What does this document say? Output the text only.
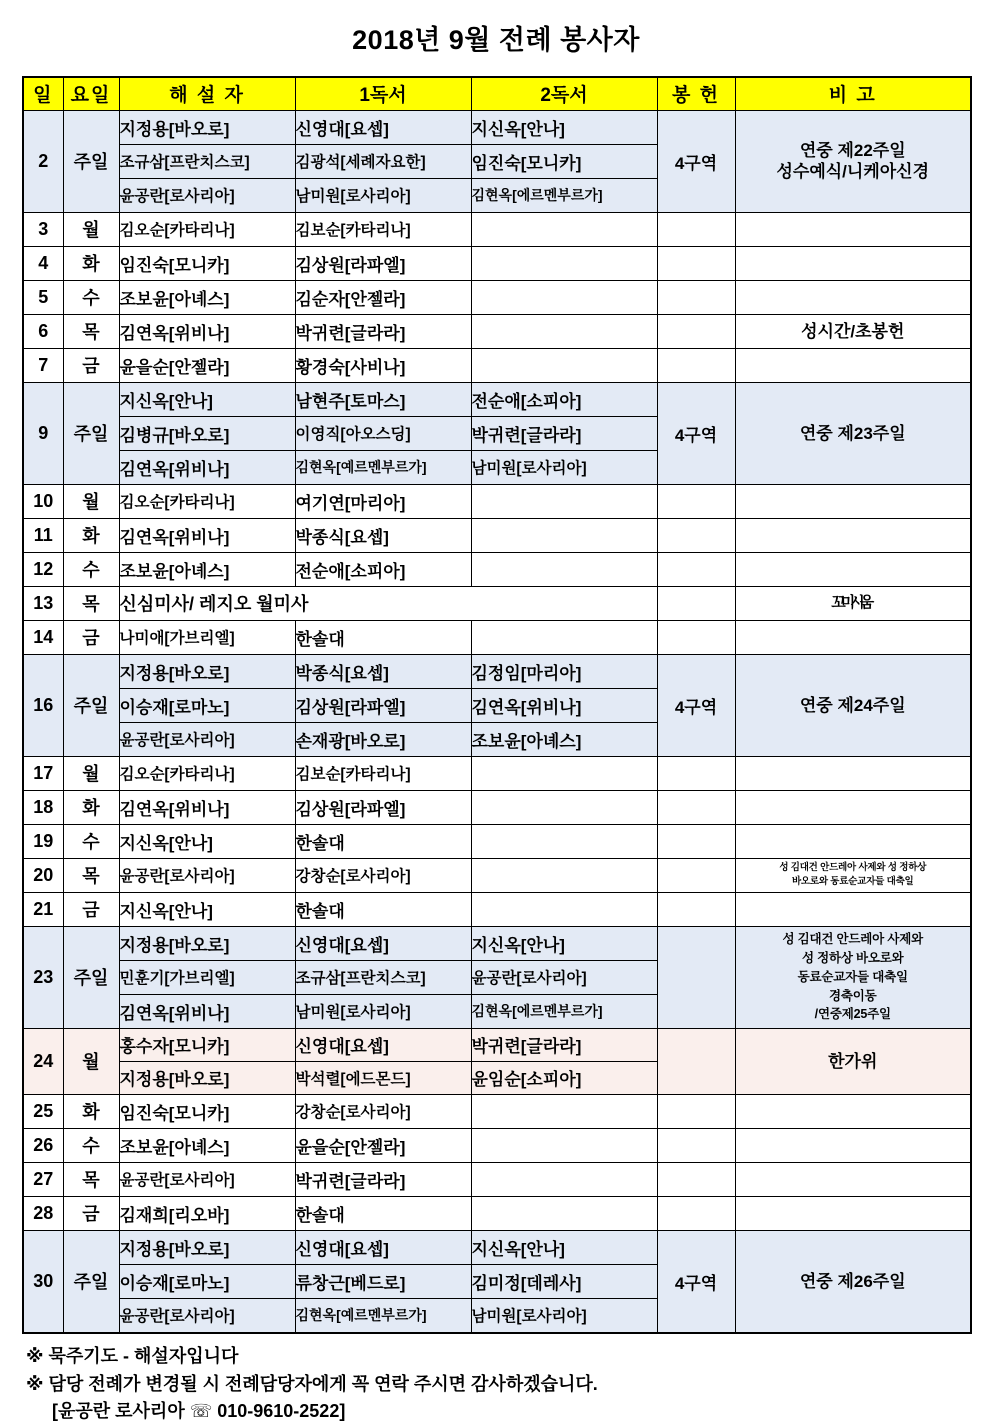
2018년 9월 전례 봉사자
일	요일	해 설 자	1독서	2독서	봉 헌	비 고
2	주일	지정용[바오로]	신영대[요셉]	지신옥[안나]	4구역	연중 제22주일
성수예식/니케아신경
		조규삼[프란치스코]	김광석[세례자요한]	임진숙[모니카]		
		윤공란[로사리아]	남미원[로사리아]	김현옥[에르멘부르가]		
3	월	김오순[카타리나]	김보순[카타리나]			
4	화	임진숙[모니카]	김상원[라파엘]			
5	수	조보윤[아녜스]	김순자[안젤라]			
6	목	김연옥[위비나]	박귀련[글라라]			성시간/초봉헌
7	금	윤을순[안젤라]	황경숙[사비나]			
9	주일	지신옥[안나]	남현주[토마스]	전순애[소피아]	4구역	연중 제23주일
		김병규[바오로]	이영직[아오스딩]	박귀련[글라라]		
		김연옥[위비나]	김현옥[예르멘부르가]	남미원[로사리아]		
10	월	김오순[카타리나]	여기연[마리아]			
11	화	김연옥[위비나]	박종식[요셉]			
12	수	조보윤[아녜스]	전순애[소피아]			
13	목	신심미사/ 레지오 월미사				꼬미시움
14	금	나미애[가브리엘]	한솔대			
16	주일	지정용[바오로]	박종식[요셉]	김정임[마리아]	4구역	연중 제24주일
		이승재[로마노]	김상원[라파엘]	김연옥[위비나]		
		윤공란[로사리아]	손재광[바오로]	조보윤[아녜스]		
17	월	김오순[카타리나]	김보순[카타리나]			
18	화	김연옥[위비나]	김상원[라파엘]			
19	수	지신옥[안나]	한솔대			
20	목	윤공란[로사리아]	강창순[로사리아]			성 김대건 안드레아 사제와 성 정하상
바오로와 동료순교자들 대축일
21	금	지신옥[안나]	한솔대			
23	주일	지정용[바오로]	신영대[요셉]	지신옥[안나]		성 김대건 안드레아 사제와
성 정하상 바오로와
동료순교자들 대축일
경축이동
/연중제25주일
		민훈기[가브리엘]	조규삼[프란치스코]	윤공란[로사리아]		
		김연옥[위비나]	남미원[로사리아]	김현옥[에르멘부르가]		
24	월	홍수자[모니카]	신영대[요셉]	박귀련[글라라]		한가위
		지정용[바오로]	박석렬[에드몬드]	윤임순[소피아]		
25	화	임진숙[모니카]	강창순[로사리아]			
26	수	조보윤[아녜스]	윤을순[안젤라]			
27	목	윤공란[로사리아]	박귀련[글라라]			
28	금	김재희[리오바]	한솔대			
30	주일	지정용[바오로]	신영대[요셉]	지신옥[안나]	4구역	연중 제26주일
		이승재[로마노]	류창근[베드로]	김미정[데레사]		
		윤공란[로사리아]	김현옥[예르멘부르가]	남미원[로사리아]		
※ 묵주기도 - 해설자입니다
※ 담당 전례가 변경될 시 전례담당자에게 꼭 연락 주시면 감사하겠습니다.
[윤공란 로사리아 ☏ 010-9610-2522]
